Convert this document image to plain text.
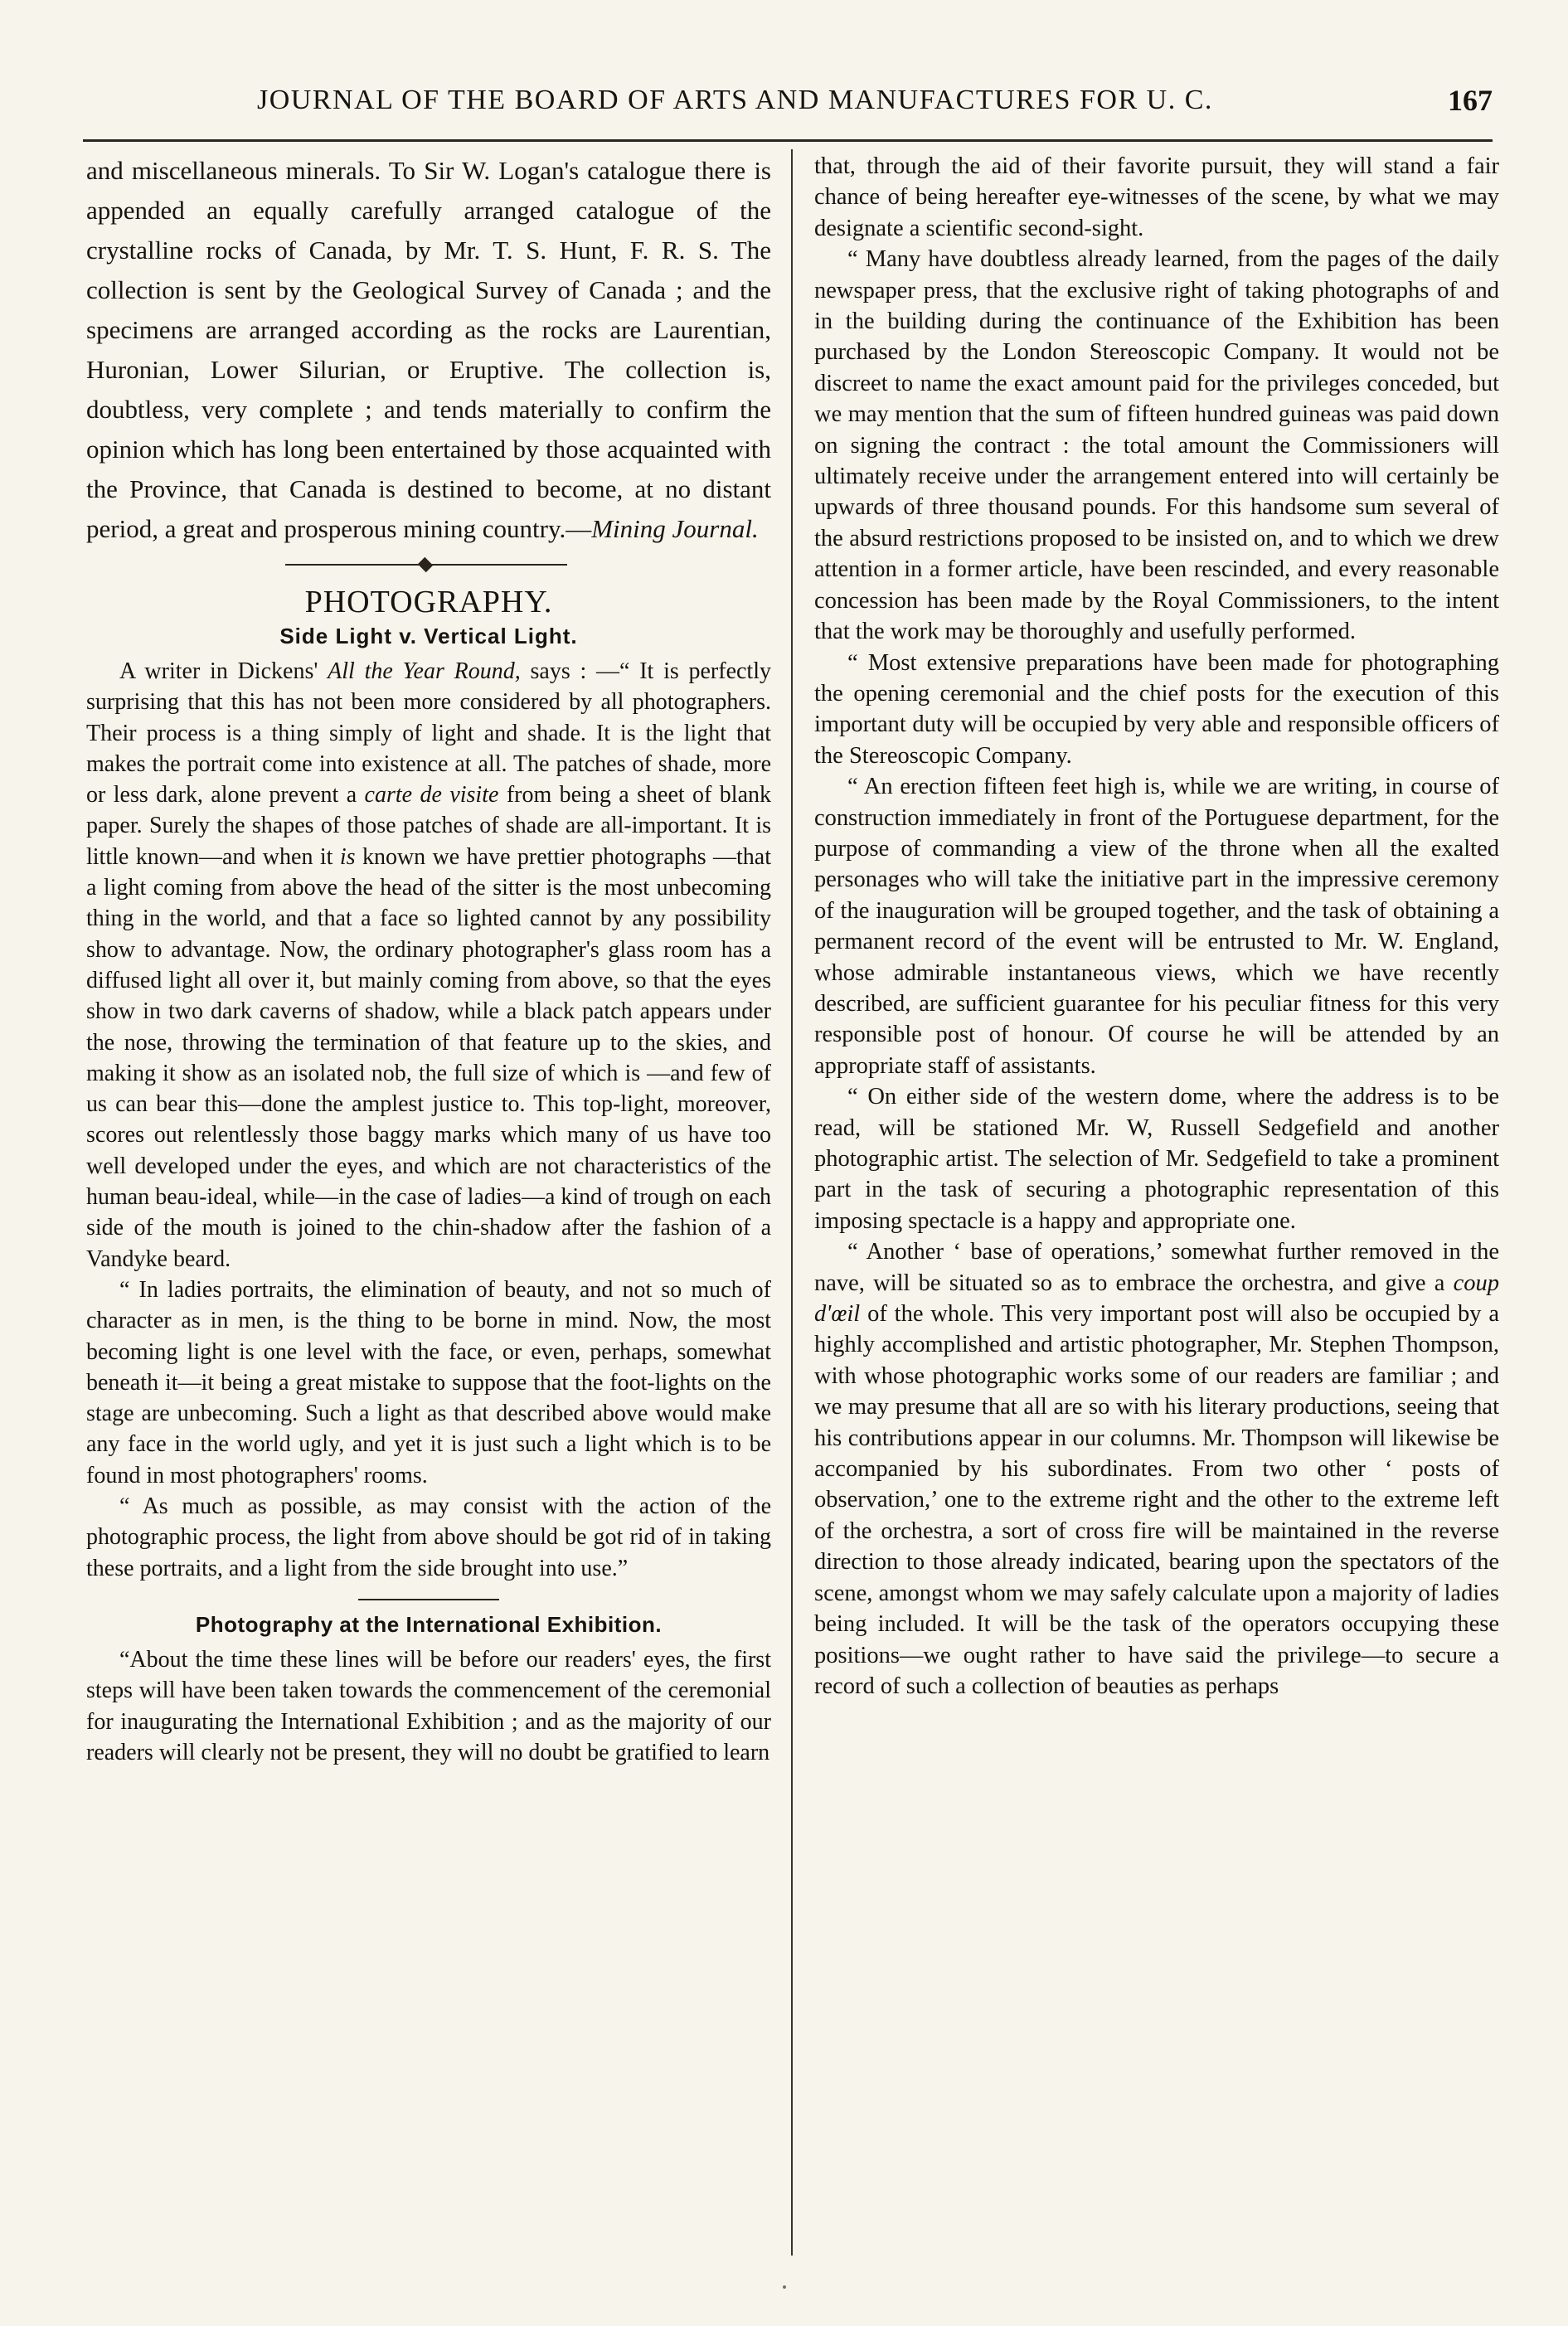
JOURNAL OF THE BOARD OF ARTS AND MANUFACTURES FOR U. C.	167

and miscellaneous minerals. To Sir W. Logan's catalogue there is appended an equally carefully arranged catalogue of the crystalline rocks of Canada, by Mr. T. S. Hunt, F. R. S. The collection is sent by the Geological Survey of Canada ; and the specimens are arranged according as the rocks are Laurentian, Huronian, Lower Silurian, or Eruptive. The collection is, doubtless, very complete ; and tends materially to confirm the opinion which has long been entertained by those acquainted with the Province, that Canada is destined to become, at no distant period, a great and prosperous mining country.—Mining Journal.

PHOTOGRAPHY.
Side Light v. Vertical Light.

A writer in Dickens' All the Year Round, says : —“ It is perfectly surprising that this has not been more considered by all photographers. Their process is a thing simply of light and shade. It is the light that makes the portrait come into existence at all. The patches of shade, more or less dark, alone prevent a carte de visite from being a sheet of blank paper. Surely the shapes of those patches of shade are all-important. It is little known—and when it is known we have prettier photographs —that a light coming from above the head of the sitter is the most unbecoming thing in the world, and that a face so lighted cannot by any possibility show to advantage. Now, the ordinary photographer's glass room has a diffused light all over it, but mainly coming from above, so that the eyes show in two dark caverns of shadow, while a black patch appears under the nose, throwing the termination of that feature up to the skies, and making it show as an isolated nob, the full size of which is —and few of us can bear this—done the amplest justice to. This top-light, moreover, scores out relentlessly those baggy marks which many of us have too well developed under the eyes, and which are not characteristics of the human beau-ideal, while—in the case of ladies—a kind of trough on each side of the mouth is joined to the chin-shadow after the fashion of a Vandyke beard.

“ In ladies portraits, the elimination of beauty, and not so much of character as in men, is the thing to be borne in mind. Now, the most becoming light is one level with the face, or even, perhaps, somewhat beneath it—it being a great mistake to suppose that the foot-lights on the stage are unbecoming. Such a light as that described above would make any face in the world ugly, and yet it is just such a light which is to be found in most photographers' rooms.

“ As much as possible, as may consist with the action of the photographic process, the light from above should be got rid of in taking these portraits, and a light from the side brought into use.”

Photography at the International Exhibition.

“About the time these lines will be before our readers' eyes, the first steps will have been taken towards the commencement of the ceremonial for inaugurating the International Exhibition ; and as the majority of our readers will clearly not be present, they will no doubt be gratified to learn

that, through the aid of their favorite pursuit, they will stand a fair chance of being hereafter eye-witnesses of the scene, by what we may designate a scientific second-sight.

“ Many have doubtless already learned, from the pages of the daily newspaper press, that the exclusive right of taking photographs of and in the building during the continuance of the Exhibition has been purchased by the London Stereoscopic Company. It would not be discreet to name the exact amount paid for the privileges conceded, but we may mention that the sum of fifteen hundred guineas was paid down on signing the contract : the total amount the Commissioners will ultimately receive under the arrangement entered into will certainly be upwards of three thousand pounds. For this handsome sum several of the absurd restrictions proposed to be insisted on, and to which we drew attention in a former article, have been rescinded, and every reasonable concession has been made by the Royal Commissioners, to the intent that the work may be thoroughly and usefully performed.

“ Most extensive preparations have been made for photographing the opening ceremonial and the chief posts for the execution of this important duty will be occupied by very able and responsible officers of the Stereoscopic Company.

“ An erection fifteen feet high is, while we are writing, in course of construction immediately in front of the Portuguese department, for the purpose of commanding a view of the throne when all the exalted personages who will take the initiative part in the impressive ceremony of the inauguration will be grouped together, and the task of obtaining a permanent record of the event will be entrusted to Mr. W. England, whose admirable instantaneous views, which we have recently described, are sufficient guarantee for his peculiar fitness for this very responsible post of honour. Of course he will be attended by an appropriate staff of assistants.

“ On either side of the western dome, where the address is to be read, will be stationed Mr. W, Russell Sedgefield and another photographic artist. The selection of Mr. Sedgefield to take a prominent part in the task of securing a photographic representation of this imposing spectacle is a happy and appropriate one.

“ Another ‘ base of operations,’ somewhat further removed in the nave, will be situated so as to embrace the orchestra, and give a coup d'œil of the whole. This very important post will also be occupied by a highly accomplished and artistic photographer, Mr. Stephen Thompson, with whose photographic works some of our readers are familiar ; and we may presume that all are so with his literary productions, seeing that his contributions appear in our columns. Mr. Thompson will likewise be accompanied by his subordinates. From two other ‘ posts of observation,’ one to the extreme right and the other to the extreme left of the orchestra, a sort of cross fire will be maintained in the reverse direction to those already indicated, bearing upon the spectators of the scene, amongst whom we may safely calculate upon a majority of ladies being included. It will be the task of the operators occupying these positions—we ought rather to have said the privilege—to secure a record of such a collection of beauties as perhaps
